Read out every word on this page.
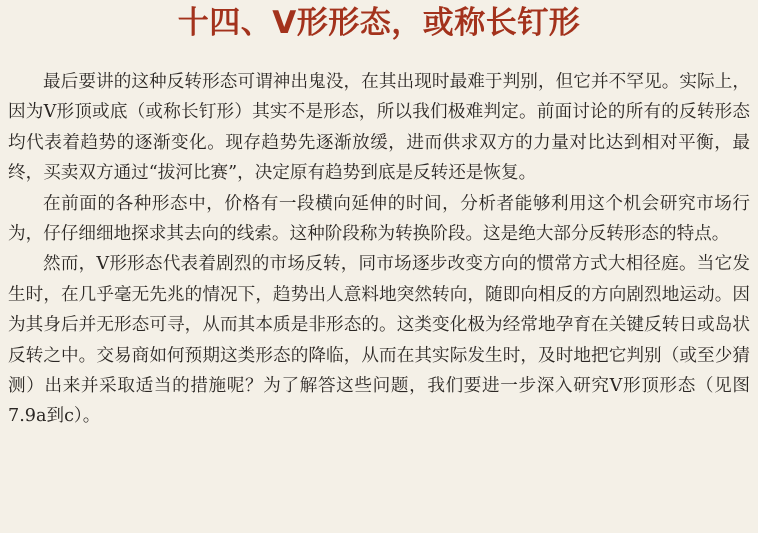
十四、V形形态，或称长钉形

最后要讲的这种反转形态可谓神出鬼没，在其出现时最难于判别，但它并不罕见。实际上，因为V形顶或底（或称长钉形）其实不是形态，所以我们极难判定。前面讨论的所有的反转形态均代表着趋势的逐渐变化。现存趋势先逐渐放缓，进而供求双方的力量对比达到相对平衡，最终，买卖双方通过“拔河比赛”，决定原有趋势到底是反转还是恢复。

在前面的各种形态中，价格有一段横向延伸的时间，分析者能够利用这个机会研究市场行为，仔仔细细地探求其去向的线索。这种阶段称为转换阶段。这是绝大部分反转形态的特点。

然而，V形形态代表着剧烈的市场反转，同市场逐步改变方向的惯常方式大相径庭。当它发生时，在几乎毫无先兆的情况下，趋势出人意料地突然转向，随即向相反的方向剧烈地运动。因为其身后并无形态可寻，从而其本质是非形态的。这类变化极为经常地孕育在关键反转日或岛状反转之中。交易商如何预期这类形态的降临，从而在其实际发生时，及时地把它判别（或至少猜测）出来并采取适当的措施呢？为了解答这些问题，我们要进一步深入研究V形顶形态（见图7.9a到c）。
